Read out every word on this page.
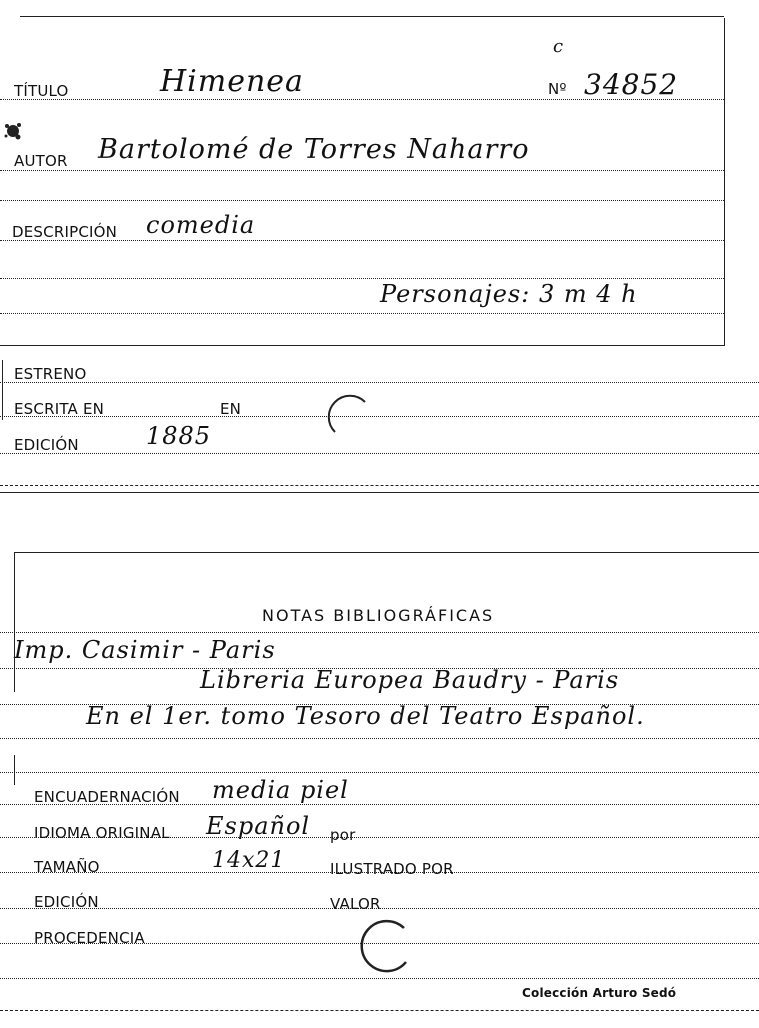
TÍTULO	Himenea
c
Nº 34852
AUTOR Bartolomé de Torres Naharro
DESCRIPCIÓN comedia
Personajes: 3 m 4 h
ESTRENO
ESCRITA EN	EN
EDICIÓN	1885
NOTAS BIBLIOGRÁFICAS
Imp. Casimir - Paris
Libreria Europea Baudry - Paris
En el 1er. tomo Tesoro del Teatro Español.
ENCUADERNACIÓN media piel
IDIOMA ORIGINAL Español por
TAMAÑO	14x21	ILUSTRADO POR
EDICIÓN	VALOR
PROCEDENCIA
Colección Arturo Sedó
